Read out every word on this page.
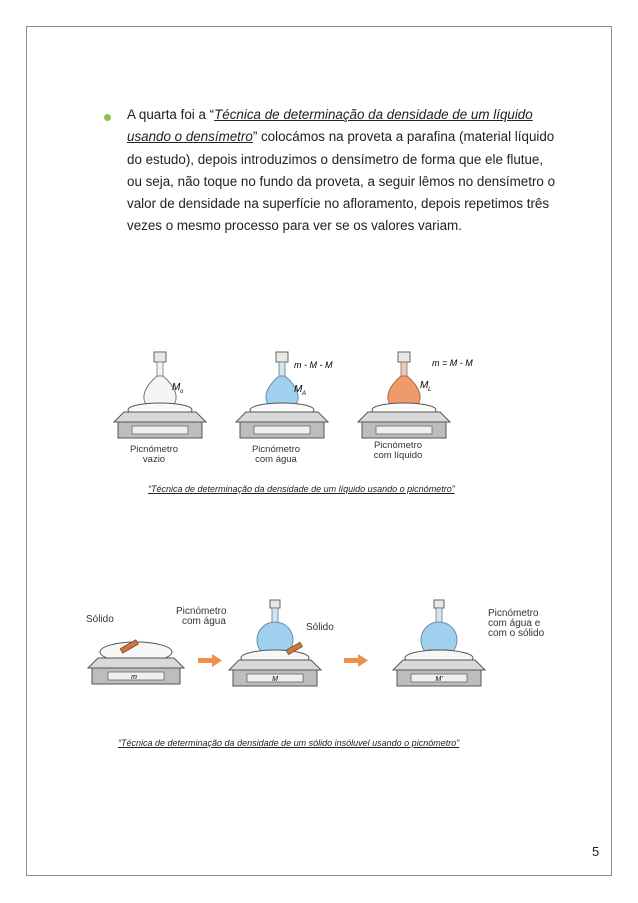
A quarta foi a “Técnica de determinação da densidade de um líquido usando o densímetro” colocámos na proveta a parafina (material líquido do estudo), depois introduzimos o densímetro de forma que ele flutue, ou seja, não toque no fundo da proveta, a seguir lêmos no densímetro o valor de densidade na superfície no afloramento, depois repetimos três vezes o mesmo processo para ver se os valores variam.
M o
m - M - M
M A
m = M - M
M L
Picnómetro
vazio
Picnómetro
com água
Picnómetro
com líquido
“Técnica de determinação da densidade de um líquido usando o picnómetro”
Sólido
m
Picnómetro
com água
Sólido
M	M'
Picnómetro
com água e
com o sólido
“Técnica de determinação da densidade de um sólido insóluvel usando o picnómetro”
5
